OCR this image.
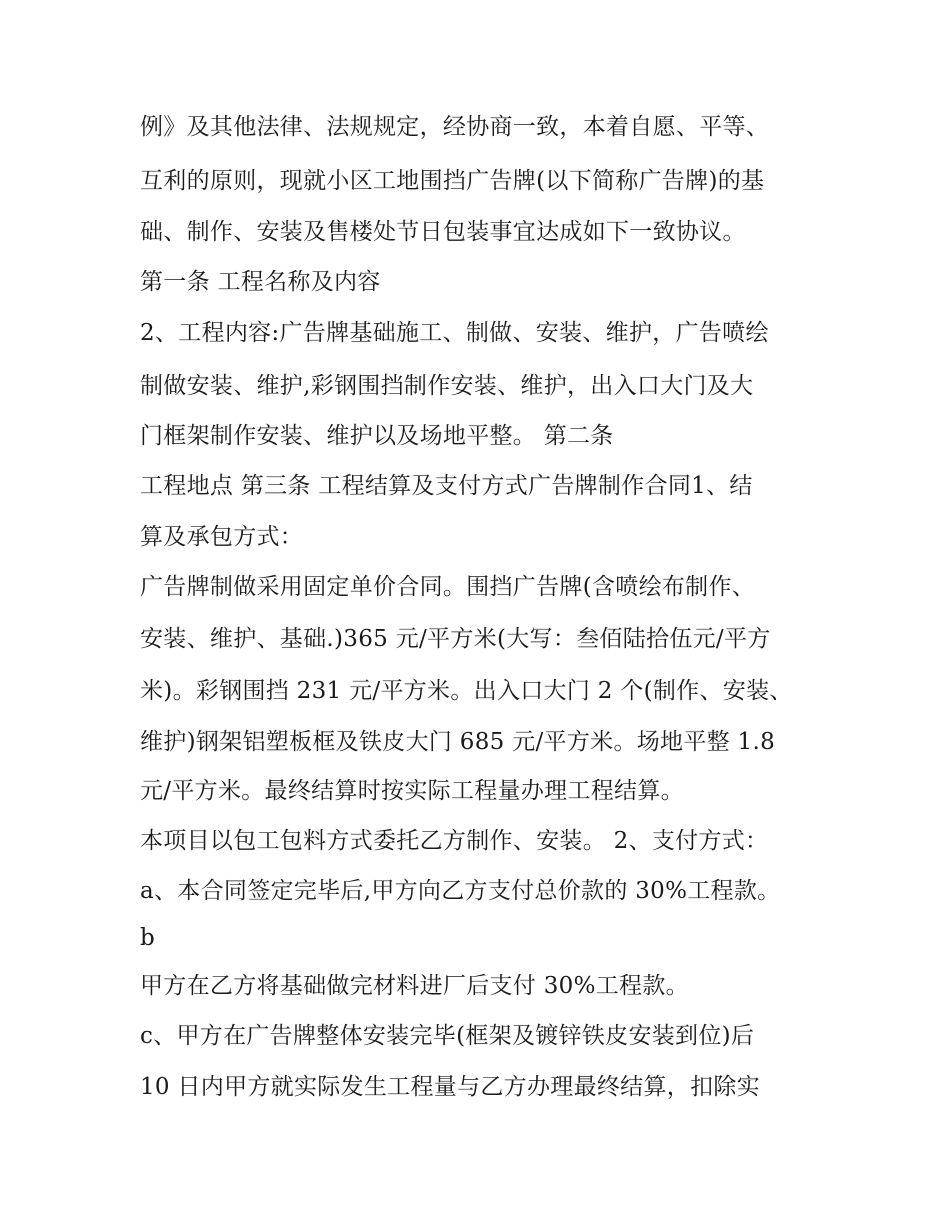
例》及其他法律、法规规定，经协商一致，本着自愿、平等、

互利的原则，现就小区工地围挡广告牌(以下简称广告牌)的基

础、制作、安装及售楼处节日包装事宜达成如下一致协议。

第一条 工程名称及内容

2、工程内容:广告牌基础施工、制做、安装、维护，广告喷绘

制做安装、维护,彩钢围挡制作安装、维护，出入口大门及大

门框架制作安装、维护以及场地平整。 第二条

工程地点 第三条 工程结算及支付方式广告牌制作合同1、结

算及承包方式：

广告牌制做采用固定单价合同。围挡广告牌(含喷绘布制作、

安装、维护、基础.)365 元/平方米(大写：叁佰陆拾伍元/平方

米)。彩钢围挡 231 元/平方米。出入口大门 2 个(制作、安装、

维护)钢架铝塑板框及铁皮大门 685 元/平方米。场地平整 1.8

元/平方米。最终结算时按实际工程量办理工程结算。

本项目以包工包料方式委托乙方制作、安装。 2、支付方式：

a、本合同签定完毕后,甲方向乙方支付总价款的 30%工程款。

b

甲方在乙方将基础做完材料进厂后支付 30%工程款。

c、甲方在广告牌整体安装完毕(框架及镀锌铁皮安装到位)后

10 日内甲方就实际发生工程量与乙方办理最终结算，扣除实
